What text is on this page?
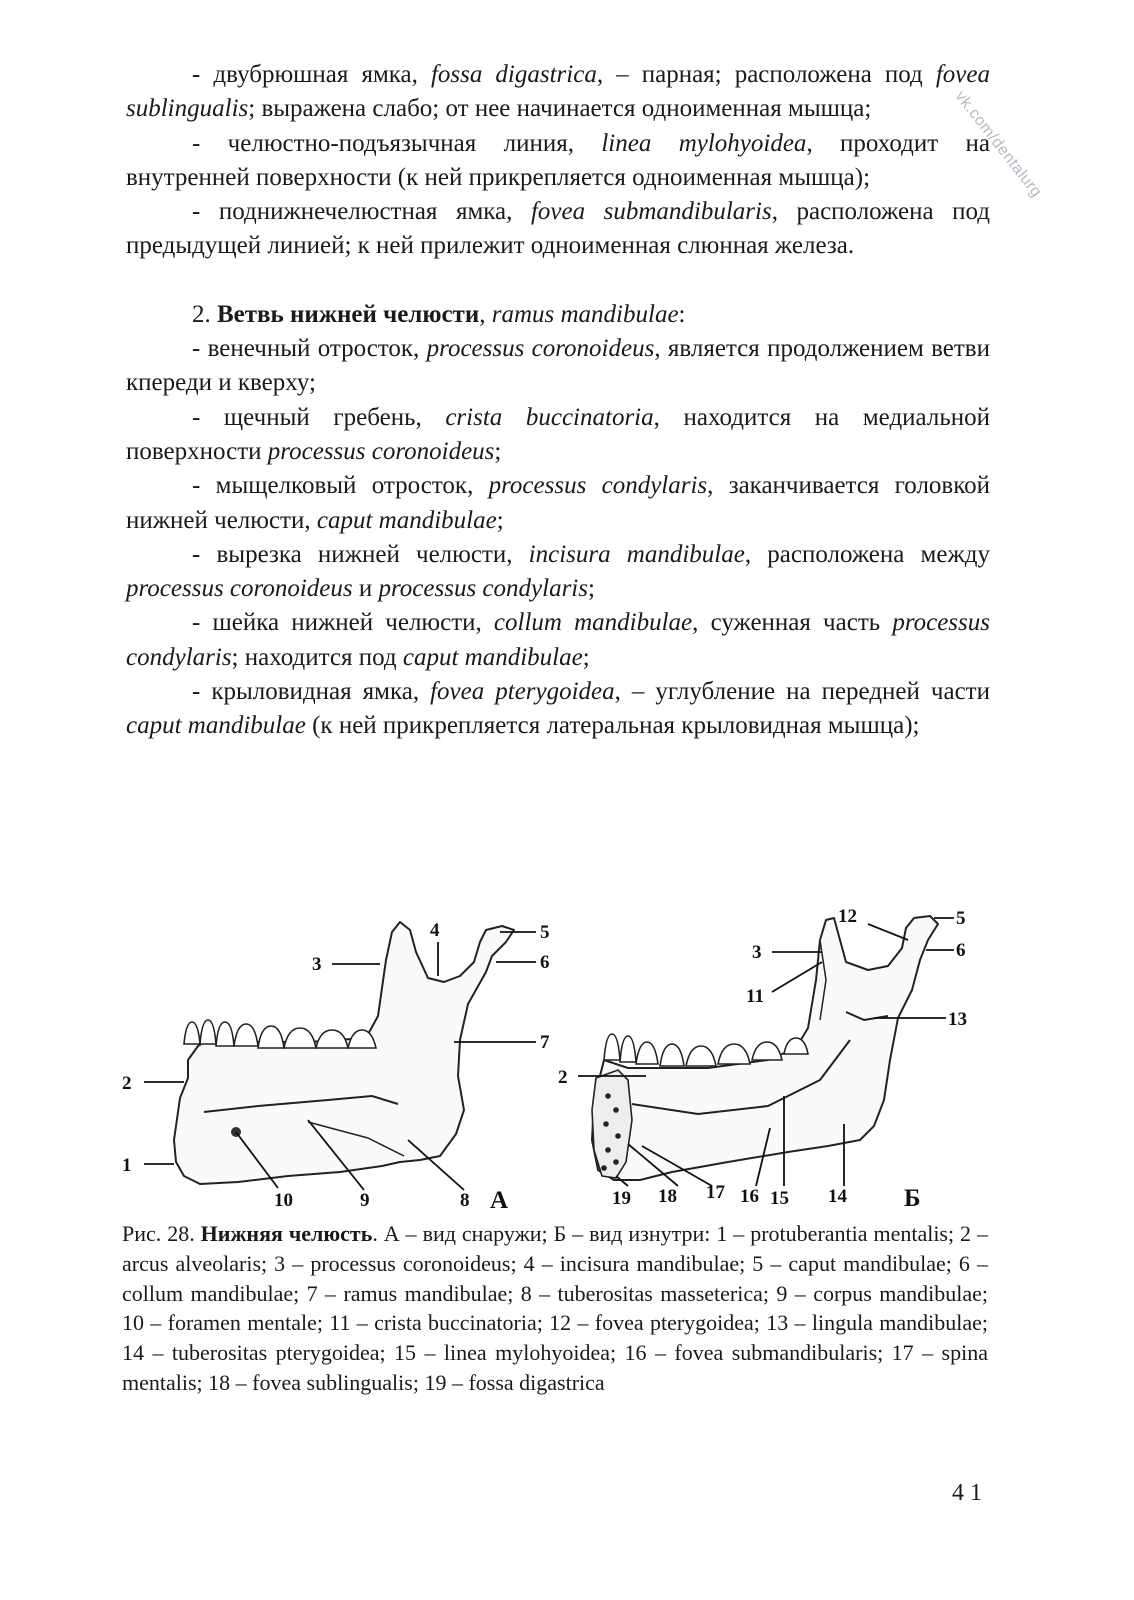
vk.com/dentalurg

- двубрюшная ямка, fossa digastrica, – парная; расположена под fovea sublingualis; выражена слабо; от нее начинается одноименная мышца;

- челюстно-подъязычная линия, linea mylohyoidea, проходит на внутренней поверхности (к ней прикрепляется одноименная мышца);

- поднижнечелюстная ямка, fovea submandibularis, расположена под предыдущей линией; к ней прилежит одноименная слюнная железа.

2. Ветвь нижней челюсти, ramus mandibulae:

- венечный отросток, processus coronoideus, является продолжением ветви кпереди и кверху;

- щечный гребень, crista buccinatoria, находится на медиальной поверхности processus coronoideus;

- мыщелковый отросток, processus condylaris, заканчивается головкой нижней челюсти, caput mandibulae;

- вырезка нижней челюсти, incisura mandibulae, расположена между processus coronoideus и processus condylaris;

- шейка нижней челюсти, collum mandibulae, суженная часть processus condylaris; находится под caput mandibulae;

- крыловидная ямка, fovea pterygoidea, – углубление на передней части caput mandibulae (к ней прикрепляется латеральная крыловидная мышца);

1
2
3
4	5
6
7
10	9	8 А
2
3
5
6
11
12
13
14
15
16
17
18
19	Б
Рис. 28. Нижняя челюсть. А – вид снаружи; Б – вид изнутри: 1 – protuberantia mentalis; 2 – arcus alveolaris; 3 – processus coronoideus; 4 – incisura mandibulae; 5 – caput mandibulae; 6 – collum mandibulae; 7 – ramus mandibulae; 8 – tuberositas masseterica; 9 – corpus mandibulae; 10 – foramen mentale; 11 – crista buccinatoria; 12 – fovea pterygoidea; 13 – lingula mandibulae; 14 – tuberositas pterygoidea; 15 – linea mylohyoidea; 16 – fovea submandibularis; 17 – spina mentalis; 18 – fovea sublingualis; 19 – fossa digastrica
41
